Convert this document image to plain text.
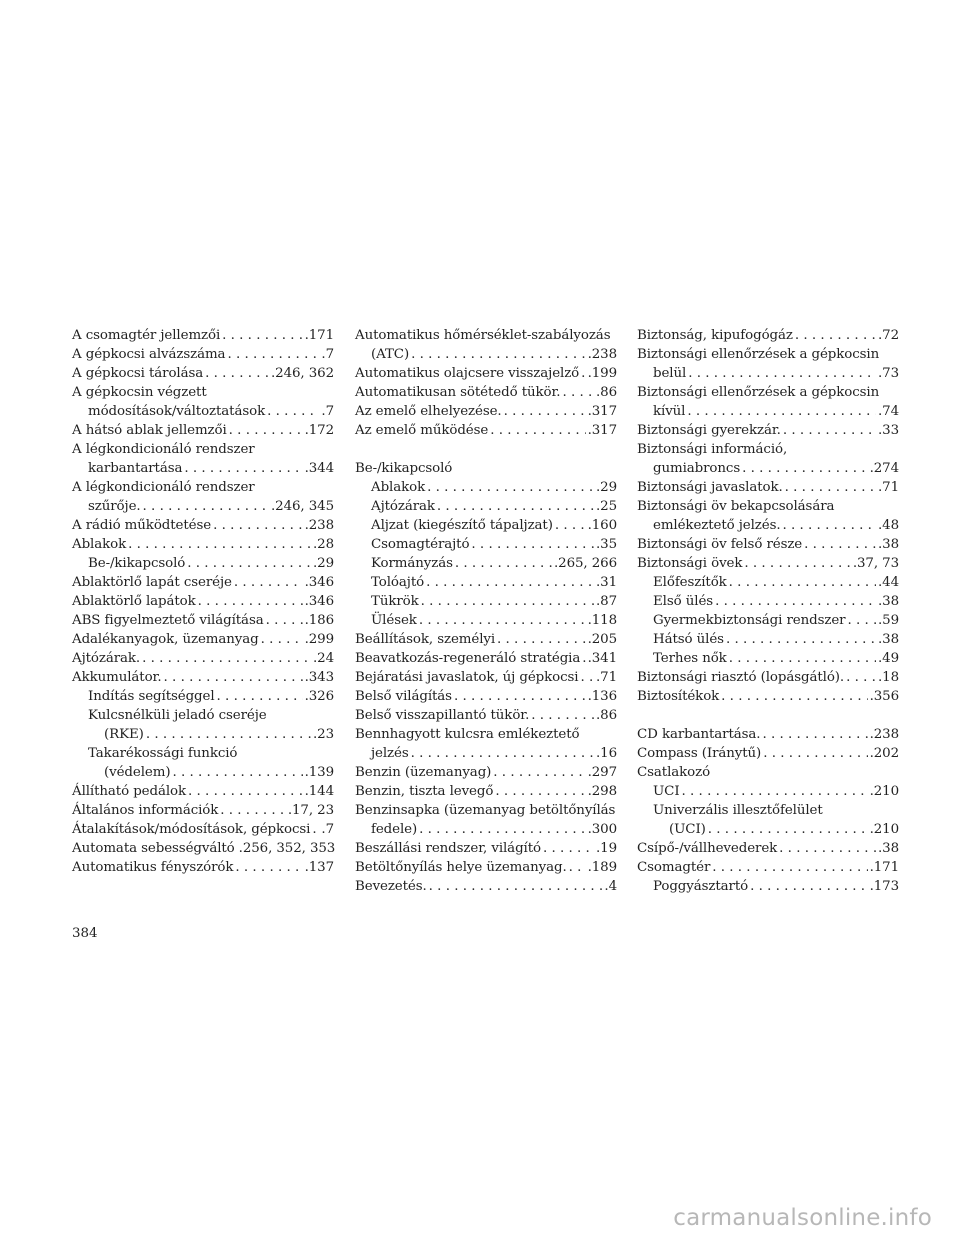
A csomagtér jellemzői . . .	.171
A gépkocsi alvázszáma . . .	.7
A gépkocsi tárolása . . .	.246, 362
A gépkocsin végzett
módosítások/változtatások . . .	.7
A hátsó ablak jellemzői . . .	.172
A légkondicionáló rendszer
karbantartása . . .	.344
A légkondicionáló rendszer
szűrője. . . .	.246, 345
A rádió működtetése . . .	.238
Ablakok . . .	.28
Be-/kikapcsoló . . .	.29
Ablaktörlő lapát cseréje . . .	.346
Ablaktörlő lapátok . . .	.346
ABS figyelmeztető világítása . . .	.186
Adalékanyagok, üzemanyag . . .	.299
Ajtózárak. . . .	.24
Akkumulátor. . . .	.343
Indítás segítséggel . . .	.326
Kulcsnélküli jeladó cseréje
(RKE) . . .	.23
Takarékossági funkció
(védelem) . . .	.139
Állítható pedálok . . .	.144
Általános információk . . .	.17, 23
Átalakítások/módosítások, gépkocsi . . . .7
Automata sebességváltó .256, 352, 353
Automatikus fényszórók . . .	.137
Automatikus hőmérséklet-szabályozás
(ATC) . . .	.238
Automatikus olajcsere visszajelző . . . .199
Automatikusan sötétedő tükör. . . .	.86
Az emelő elhelyezése. . . .	.317
Az emelő működése . . .	.317
Be-/kikapcsoló
Ablakok . . .	.29
Ajtózárak . . .	.25
Aljzat (kiegészítő tápaljzat) . . .	.160
Csomagtérajtó . . .	.35
Kormányzás . . .	.265, 266
Tolóajtó . . .	.31
Tükrök . . .	.87
Ülések . . .	.118
Beállítások, személyi . . .	.205
Beavatkozás-regeneráló stratégia . . . .341
Bejáratási javaslatok, új gépkocsi . . . .71
Belső világítás . . .	.136
Belső visszapillantó tükör. . . .	.86
Bennhagyott kulcsra emlékeztető
jelzés . . .	.16
Benzin (üzemanyag) . . .	.297
Benzin, tiszta levegő . . .	.298
Benzinsapka (üzemanyag betöltőnyílás
fedele) . . .	.300
Beszállási rendszer, világító . . .	.19
Betöltőnyílás helye üzemanyag. . . . .189
Bevezetés. . . .	.4
Biztonság, kipufogógáz . . .	.72
Biztonsági ellenőrzések a gépkocsin
belül . . .	.73
Biztonsági ellenőrzések a gépkocsin
kívül . . .	.74
Biztonsági gyerekzár. . . .	.33
Biztonsági információ,
gumiabroncs . . .	.274
Biztonsági javaslatok. . . .	.71
Biztonsági öv bekapcsolására
emlékeztető jelzés. . . .	.48
Biztonsági öv felső része . . .	.38
Biztonsági övek . . .	.37, 73
Előfeszítők . . .	.44
Első ülés . . .	.38
Gyermekbiztonsági rendszer . . . .59
Hátsó ülés . . .	.38
Terhes nők . . .	.49
Biztonsági riasztó (lopásgátló). . . .	.18
Biztosítékok . . .	.356
CD karbantartása. . . .	.238
Compass (Iránytű) . . .	.202
Csatlakozó
UCI . . .	.210
Univerzális illesztőfelület
(UCI) . . .	.210
Csípő-/vállhevederek . . .	.38
Csomagtér . . .	.171
Poggyásztartó . . .	.173
384
carmanualsonline.info
